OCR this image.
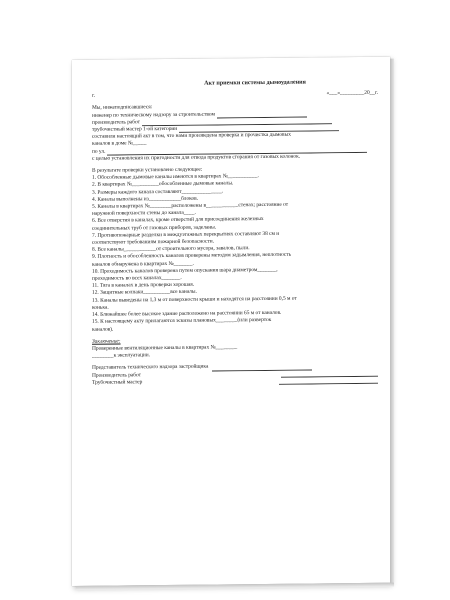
Акт приемки системы дымоудаления
г.	«___»_________20__г.
Мы, нижеподписавшиеся:
инженер по техническому надзору за строительством
производитель работ
трубочистный мастер 1-ой категории
составили настоящий акт в том, что нами произведена проверка и прочистка дымовых
каналов в доме №_____
по ул.
с целью установления их пригодности для отвода продуктов сгорания от газовых колонок.
В результате проверки установлено следующее:
1. Обособленные дымовые каналы имеются в квартирах №___________.
2. В квартирах №__________обособленные дымовые каналы.
3. Размеры каждого канала составляют_______________.
4. Каналы выполнены из____________блоков.
5. Каналы в квартирах №________расположены в____________стенах; расстояние от
наружной поверхности стены до канала____.
6. Все отверстия в каналах, кроме отверстий для присоединения железных
соединительных труб от газовых приборов, заделаны.
7. Противопожарные разделки в междуэтажных перекрытиях составляют 38 см и
соответствуют требованиям пожарной безопасности.
8. Все каналы____________от строительного мусора, завалов, пыли.
9. Плотность и обособленность каналов проверены методом задымления, неплотность
каналов обнаружена в квартирах №_______.
10. Проходимость каналов проверена путем опускания шара диаметром_______,
проходимость во всех каналах_______.
11. Тяга в каналах в день проверки хорошая.
12. Защитные колпаки__________все каналы.
13. Каналы выведены на 1,3 м от поверхности крыши и находятся на расстоянии 0,5 м от
конька.
14. Ближайшее более высокое здание расположено на расстоянии 65 м от каналов.
15. К настоящему акту прилагаются эскизы плановых________(или разверток
каналов).
Заключение:
Проверенные вентиляционные каналы в квартирах №________
________к эксплуатации.
Представитель технического надзора застройщика
Производитель работ
Трубочистный мастер
